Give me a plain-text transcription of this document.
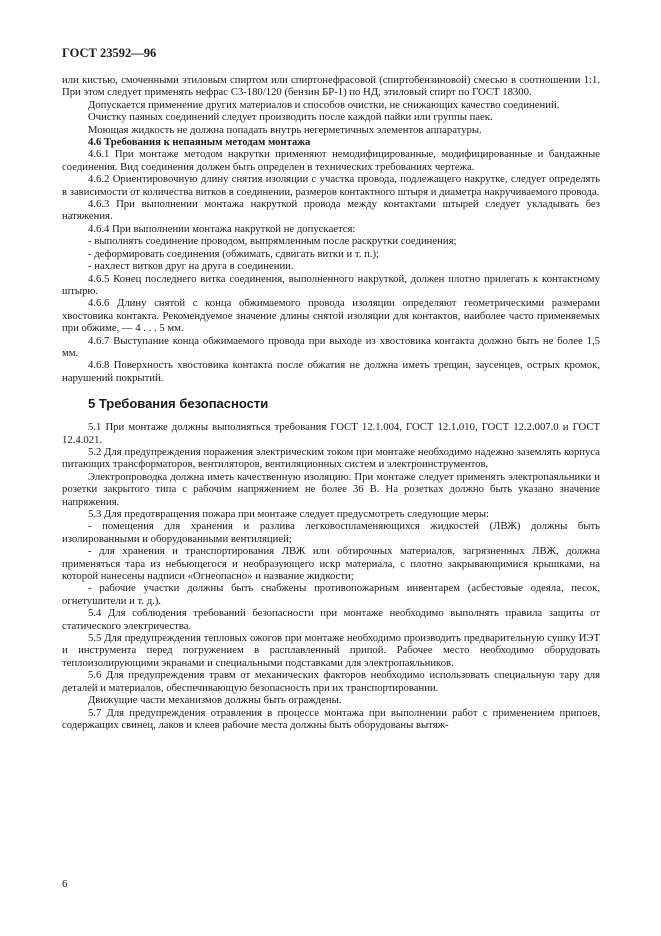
ГОСТ 23592—96

или кистью, смоченными этиловым спиртом или спиртонефрасовой (спиртобензиновой) смесью в соотношении 1:1. При этом следует применять нефрас С3-180/120 (бензин БР-1) по НД, этиловый спирт по ГОСТ 18300.

Допускается применение других материалов и способов очистки, не снижающих качество соединений.

Очистку паяных соединений следует производить после каждой пайки или группы паек.

Моющая жидкость не должна попадать внутрь негерметичных элементов аппаратуры.

4.6 Требования к непаяным методам монтажа

4.6.1 При монтаже методом накрутки применяют немодифицированные, модифицированные и бандажные соединения. Вид соединения должен быть определен в технических требованиях чертежа.

4.6.2 Ориентировочную длину снятия изоляции с участка провода, подлежащего накрутке, следует определять в зависимости от количества витков в соединении, размеров контактного штыря и диаметра накручиваемого провода.

4.6.3 При выполнении монтажа накруткой провода между контактами штырей следует укладывать без натяжения.

4.6.4 При выполнении монтажа накруткой не допускается:

- выполнять соединение проводом, выпрямленным после раскрутки соединения;

- деформировать соединения (обжимать, сдвигать витки и т. п.);

- нахлест витков друг на друга в соединении.

4.6.5 Конец последнего витка соединения, выполненного накруткой, должен плотно прилегать к контактному штырю.

4.6.6 Длину снятой с конца обжимаемого провода изоляции определяют геометрическими размерами хвостовика контакта. Рекомендуемое значение длины снятой изоляции для контактов, наиболее часто применяемых при обжиме, — 4 . . . 5 мм.

4.6.7 Выступание конца обжимаемого провода при выходе из хвостовика контакта должно быть не более 1,5 мм.

4.6.8 Поверхность хвостовика контакта после обжатия не должна иметь трещин, заусенцев, острых кромок, нарушений покрытий.

5 Требования безопасности

5.1 При монтаже должны выполняться требования ГОСТ 12.1.004, ГОСТ 12.1.010, ГОСТ 12.2.007.0 и ГОСТ 12.4.021.

5.2 Для предупреждения поражения электрическим током при монтаже необходимо надежно заземлять корпуса питающих трансформаторов, вентиляторов, вентиляционных систем и электроинструментов.

Электропроводка должна иметь качественную изоляцию. При монтаже следует применять электропаяльники и розетки закрытого типа с рабочим напряжением не более 36 В. На розетках должно быть указано значение напряжения.

5.3 Для предотвращения пожара при монтаже следует предусмотреть следующие меры:

- помещения для хранения и разлива легковоспламеняющихся жидкостей (ЛВЖ) должны быть изолированными и оборудованными вентиляцией;

- для хранения и транспортирования ЛВЖ или обтирочных материалов, загрязненных ЛВЖ, должна применяться тара из небьющегося и необразующего искр материала, с плотно закрывающимися крышками, на которой нанесены надписи «Огнеопасно» и название жидкости;

- рабочие участки должны быть снабжены противопожарным инвентарем (асбестовые одеяла, песок, огнетушители и т. д.).

5.4 Для соблюдения требований безопасности при монтаже необходимо выполнять правила защиты от статического электричества.

5.5 Для предупреждения тепловых ожогов при монтаже необходимо производить предварительную сушку ИЭТ и инструмента перед погружением в расплавленный припой. Рабочее место необходимо оборудовать теплоизолирующими экранами и специальными подставками для электропаяльников.

5.6 Для предупреждения травм от механических факторов необходимо использовать специальную тару для деталей и материалов, обеспечивающую безопасность при их транспортировании.

Движущие части механизмов должны быть ограждены.

5.7 Для предупреждения отравления в процессе монтажа при выполнении работ с применением припоев, содержащих свинец, лаков и клеев рабочие места должны быть оборудованы вытяж-

6
